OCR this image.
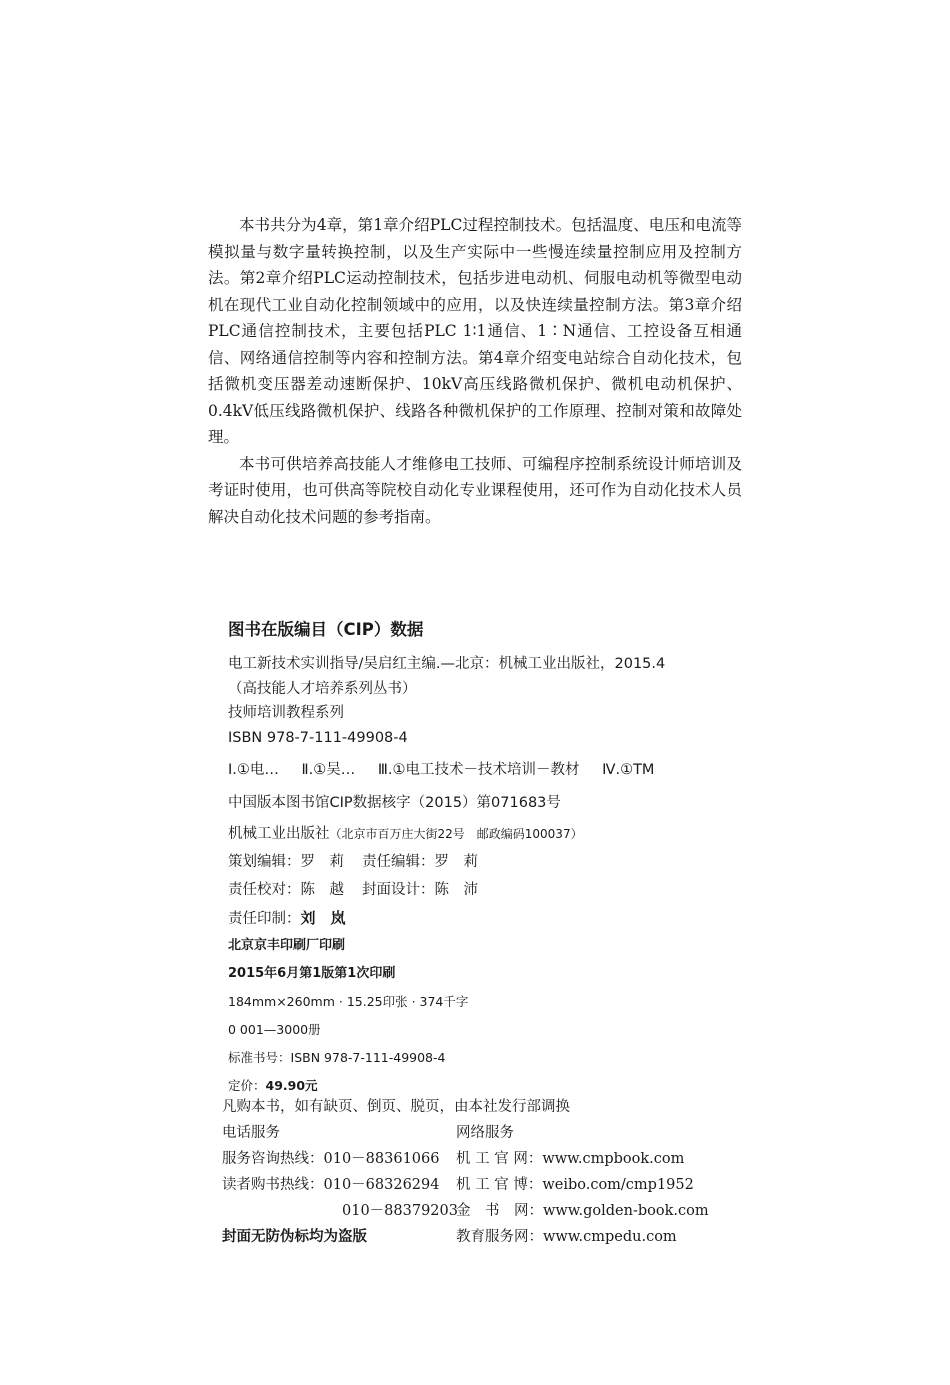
本书共分为4章，第1章介绍PLC过程控制技术。包括温度、电压和电流等模拟量与数字量转换控制，以及生产实际中一些慢连续量控制应用及控制方法。第2章介绍PLC运动控制技术，包括步进电动机、伺服电动机等微型电动机在现代工业自动化控制领域中的应用，以及快连续量控制方法。第3章介绍PLC通信控制技术，主要包括PLC 1∶1通信、1∶N通信、工控设备互相通信、网络通信控制等内容和控制方法。第4章介绍变电站综合自动化技术，包括微机变压器差动速断保护、10kV高压线路微机保护、微机电动机保护、0.4kV低压线路微机保护、线路各种微机保护的工作原理、控制对策和故障处理。

本书可供培养高技能人才维修电工技师、可编程序控制系统设计师培训及考证时使用，也可供高等院校自动化专业课程使用，还可作为自动化技术人员解决自动化技术问题的参考指南。

图书在版编目（CIP）数据
电工新技术实训指导/吴启红主编.—北京：机械工业出版社，2015.4
（高技能人才培养系列丛书）
技师培训教程系列
ISBN 978-7-111-49908-4
Ⅰ.①电… Ⅱ.①吴… Ⅲ.①电工技术－技术培训－教材 Ⅳ.①TM
中国版本图书馆CIP数据核字（2015）第071683号
机械工业出版社（北京市百万庄大街22号　邮政编码100037）
策划编辑：罗　莉 责任编辑：罗　莉
责任校对：陈　越 封面设计：陈　沛
责任印制：刘　岚
北京京丰印刷厂印刷
2015年6月第1版第1次印刷
184mm×260mm · 15.25印张 · 374千字
0 001—3000册
标准书号：ISBN 978-7-111-49908-4
定价：49.90元
凡购本书，如有缺页、倒页、脱页，由本社发行部调换
电话服务	网络服务
服务咨询热线：010－88361066 机 工 官 网：www.cmpbook.com
读者购书热线：010－68326294 机 工 官 博：weibo.com/cmp1952
010－88379203
金　书　网：www.golden-book.com
封面无防伪标均为盗版	教育服务网：www.cmpedu.com
